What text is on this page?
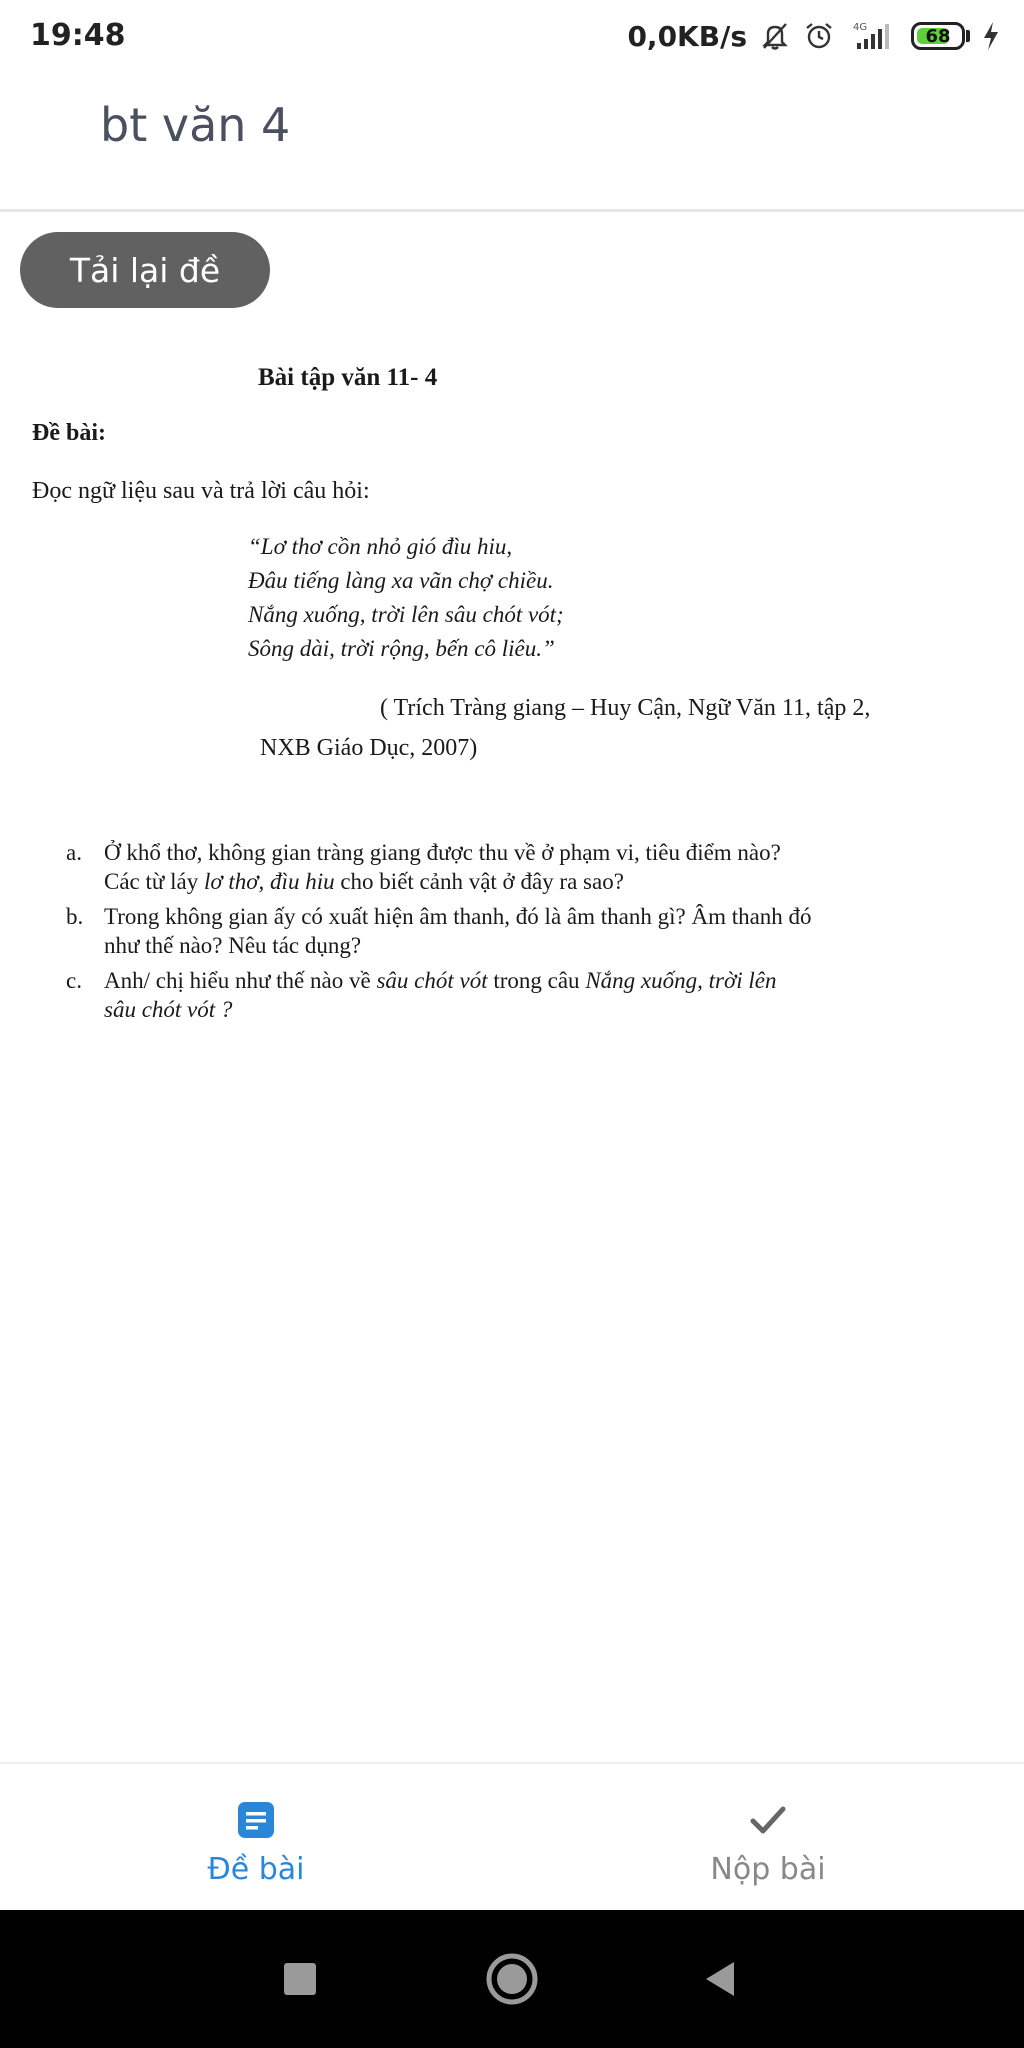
19:48	0,0KB/s	4G	68
bt văn 4
Tải lại đề
Bài tập văn 11- 4
Đề bài:
Đọc ngữ liệu sau và trả lời câu hỏi:
“Lơ thơ cồn nhỏ gió đìu hiu,
Đâu tiếng làng xa vãn chợ chiều.
Nắng xuống, trời lên sâu chót vót;
Sông dài, trời rộng, bến cô liêu.”
( Trích Tràng giang – Huy Cận, Ngữ Văn 11, tập 2,
NXB Giáo Dục, 2007)
a. Ở khổ thơ, không gian tràng giang được thu về ở phạm vi, tiêu điểm nào?
Các từ láy lơ thơ, đìu hiu cho biết cảnh vật ở đây ra sao?
b. Trong không gian ấy có xuất hiện âm thanh, đó là âm thanh gì? Âm thanh đó
như thế nào? Nêu tác dụng?
c. Anh/ chị hiểu như thế nào về sâu chót vót trong câu Nắng xuống, trời lên
sâu chót vót ?
Đề bài	Nộp bài
